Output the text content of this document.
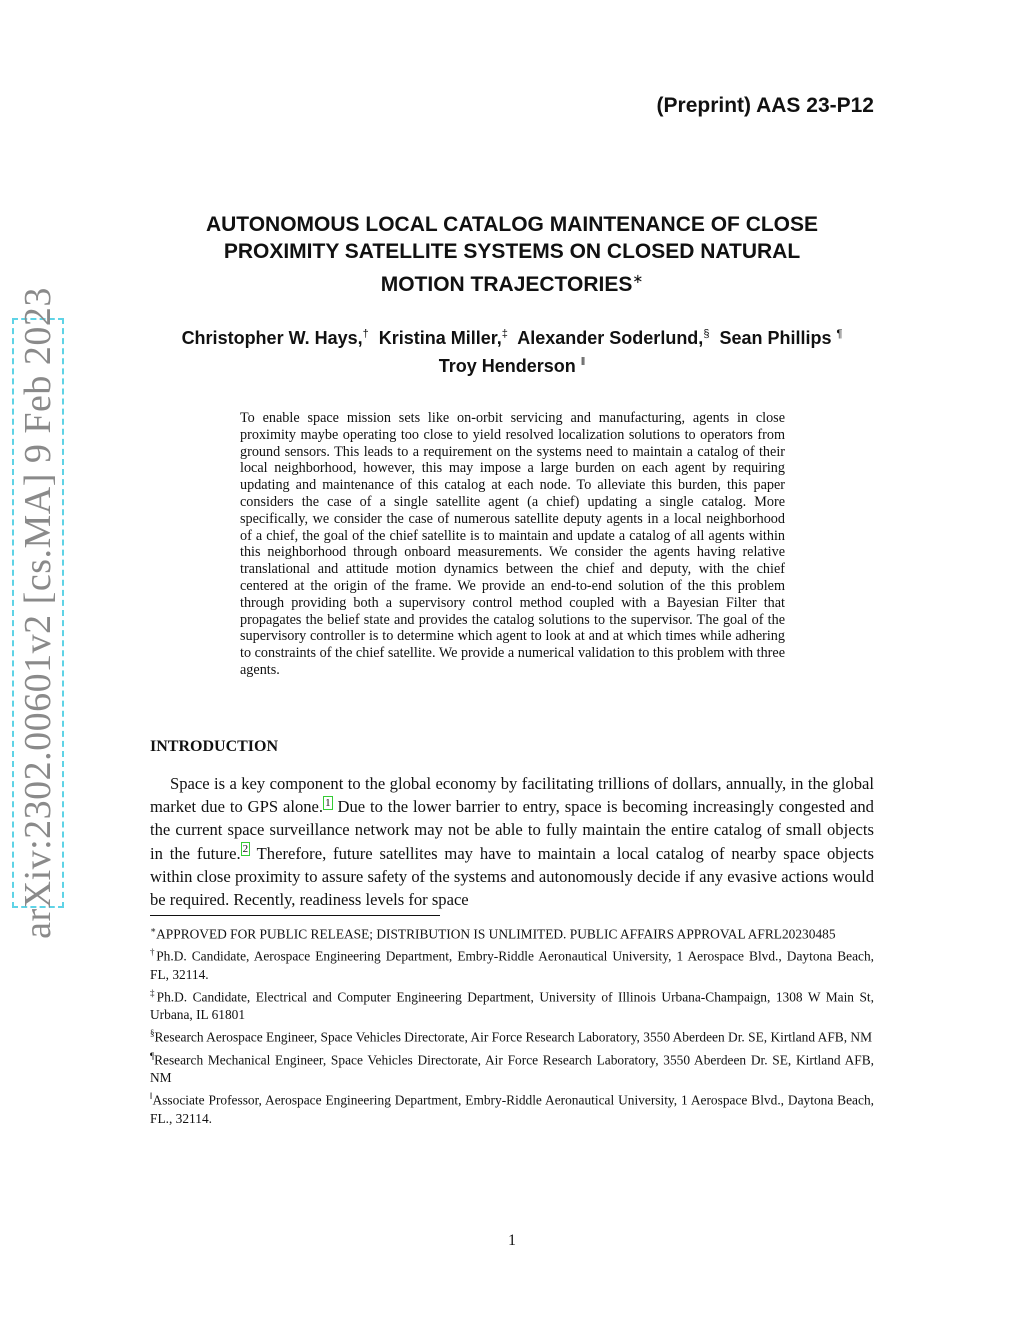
(Preprint) AAS 23-P12
arXiv:2302.00601v2 [cs.MA] 9 Feb 2023
AUTONOMOUS LOCAL CATALOG MAINTENANCE OF CLOSE
PROXIMITY SATELLITE SYSTEMS ON CLOSED NATURAL
MOTION TRAJECTORIES∗
Christopher W. Hays,† Kristina Miller,‡ Alexander Soderlund,§ Sean Phillips ¶
Troy Henderson ‖
To enable space mission sets like on-orbit servicing and manufacturing, agents in close proximity maybe operating too close to yield resolved localization solutions to operators from ground sensors. This leads to a requirement on the systems need to maintain a catalog of their local neighborhood, however, this may impose a large burden on each agent by requiring updating and maintenance of this catalog at each node. To alleviate this burden, this paper considers the case of a single satellite agent (a chief) updating a single catalog. More specifically, we consider the case of numerous satellite deputy agents in a local neighborhood of a chief, the goal of the chief satellite is to maintain and update a catalog of all agents within this neighborhood through onboard measurements. We consider the agents having relative translational and attitude motion dynamics between the chief and deputy, with the chief centered at the origin of the frame. We provide an end-to-end solution of the this problem through providing both a supervisory control method coupled with a Bayesian Filter that propagates the belief state and provides the catalog solutions to the supervisor. The goal of the supervisory controller is to determine which agent to look at and at which times while adhering to constraints of the chief satellite. We provide a numerical validation to this problem with three agents.
INTRODUCTION
Space is a key component to the global economy by facilitating trillions of dollars, annually, in the global market due to GPS alone. $^1$ Due to the lower barrier to entry, space is becoming increasingly congested and the current space surveillance network may not be able to fully maintain the entire catalog of small objects in the future. $^2$ Therefore, future satellites may have to maintain a local catalog of nearby space objects within close proximity to assure safety of the systems and autonomously decide if any evasive actions would be required. Recently, readiness levels for space

∗APPROVED FOR PUBLIC RELEASE; DISTRIBUTION IS UNLIMITED. PUBLIC AFFAIRS APPROVAL AFRL20230485

†Ph.D. Candidate, Aerospace Engineering Department, Embry-Riddle Aeronautical University, 1 Aerospace Blvd., Daytona Beach, FL, 32114.

‡Ph.D. Candidate, Electrical and Computer Engineering Department, University of Illinois Urbana-Champaign, 1308 W Main St, Urbana, IL 61801

§Research Aerospace Engineer, Space Vehicles Directorate, Air Force Research Laboratory, 3550 Aberdeen Dr. SE, Kirtland AFB, NM

¶Research Mechanical Engineer, Space Vehicles Directorate, Air Force Research Laboratory, 3550 Aberdeen Dr. SE, Kirtland AFB, NM

‖Associate Professor, Aerospace Engineering Department, Embry-Riddle Aeronautical University, 1 Aerospace Blvd., Daytona Beach, FL., 32114.

1
